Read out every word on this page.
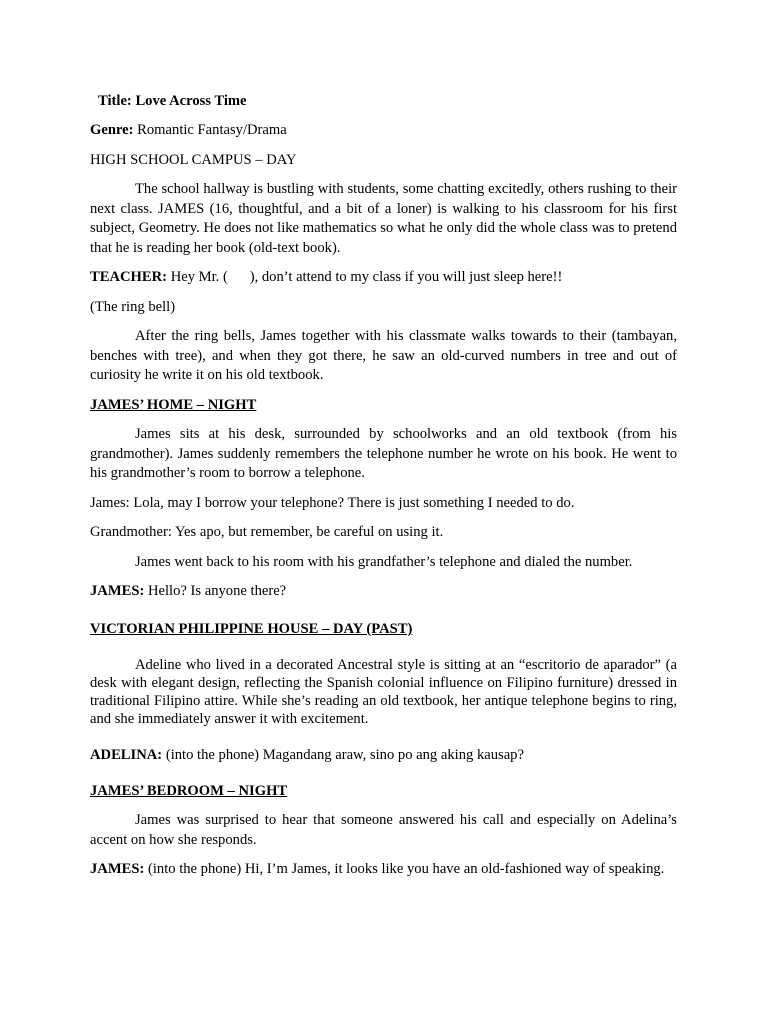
Title: Love Across Time

Genre: Romantic Fantasy/Drama

HIGH SCHOOL CAMPUS – DAY

The school hallway is bustling with students, some chatting excitedly, others rushing to their next class. JAMES (16, thoughtful, and a bit of a loner) is walking to his classroom for his first subject, Geometry. He does not like mathematics so what he only did the whole class was to pretend that he is reading her book (old-text book).

TEACHER: Hey Mr. (      ), don’t attend to my class if you will just sleep here!!

(The ring bell)

After the ring bells, James together with his classmate walks towards to their (tambayan, benches with tree), and when they got there, he saw an old-curved numbers in tree and out of curiosity he write it on his old textbook.

JAMES’ HOME – NIGHT

James sits at his desk, surrounded by schoolworks and an old textbook (from his grandmother). James suddenly remembers the telephone number he wrote on his book. He went to his grandmother’s room to borrow a telephone.

James: Lola, may I borrow your telephone? There is just something I needed to do.

Grandmother: Yes apo, but remember, be careful on using it.

James went back to his room with his grandfather’s telephone and dialed the number.

JAMES: Hello? Is anyone there?

VICTORIAN PHILIPPINE HOUSE – DAY (PAST)

Adeline who lived in a decorated Ancestral style is sitting at an “escritorio de aparador” (a desk with elegant design, reflecting the Spanish colonial influence on Filipino furniture) dressed in traditional Filipino attire. While she’s reading an old textbook, her antique telephone begins to ring, and she immediately answer it with excitement.

ADELINA: (into the phone) Magandang araw, sino po ang aking kausap?

JAMES’ BEDROOM – NIGHT

James was surprised to hear that someone answered his call and especially on Adelina’s accent on how she responds.

JAMES: (into the phone) Hi, I’m James, it looks like you have an old-fashioned way of speaking.
